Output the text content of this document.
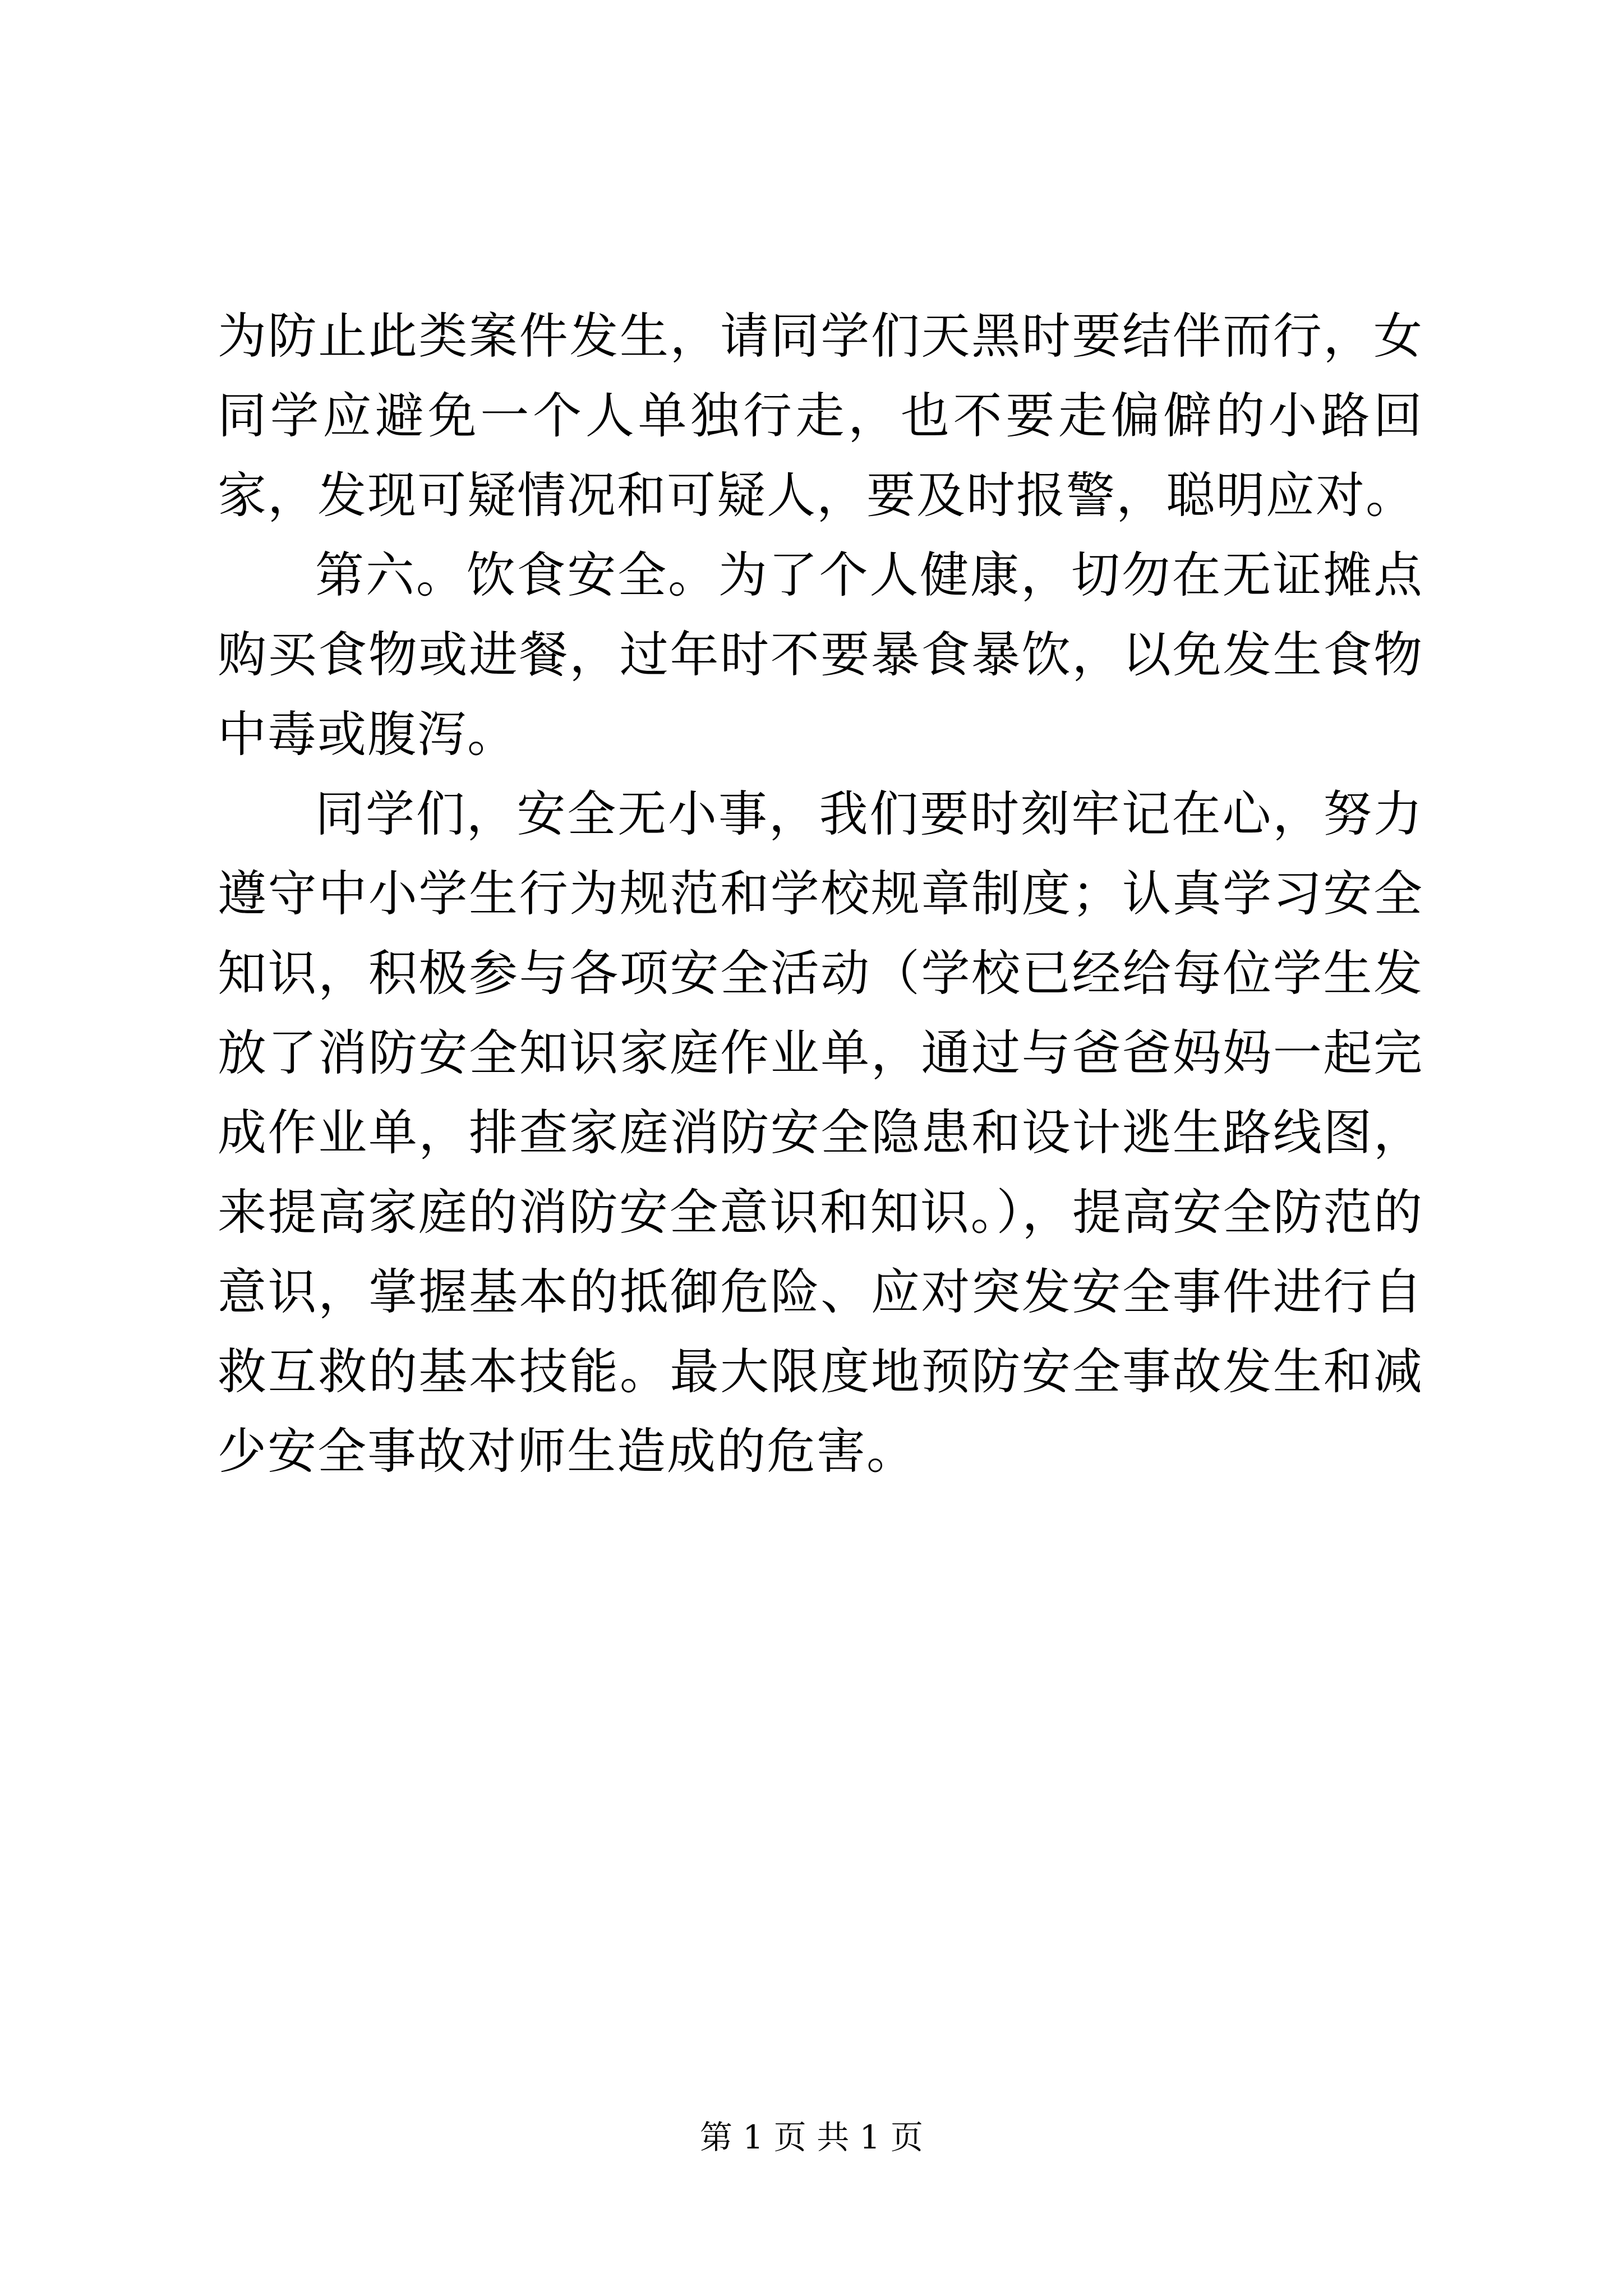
为防止此类案件发生，请同学们天黑时要结伴而行，女同学应避免一个人单独行走，也不要走偏僻的小路回家，发现可疑情况和可疑人，要及时报警，聪明应对。

第六。饮食安全。为了个人健康，切勿在无证摊点购买食物或进餐，过年时不要暴食暴饮，以免发生食物中毒或腹泻。

同学们，安全无小事，我们要时刻牢记在心，努力遵守中小学生行为规范和学校规章制度；认真学习安全知识，积极参与各项安全活动（学校已经给每位学生发放了消防安全知识家庭作业单，通过与爸爸妈妈一起完成作业单，排查家庭消防安全隐患和设计逃生路线图，来提高家庭的消防安全意识和知识。），提高安全防范的意识，掌握基本的抵御危险、应对突发安全事件进行自救互救的基本技能。最大限度地预防安全事故发生和减少安全事故对师生造成的危害。

第 1 页 共 1 页
